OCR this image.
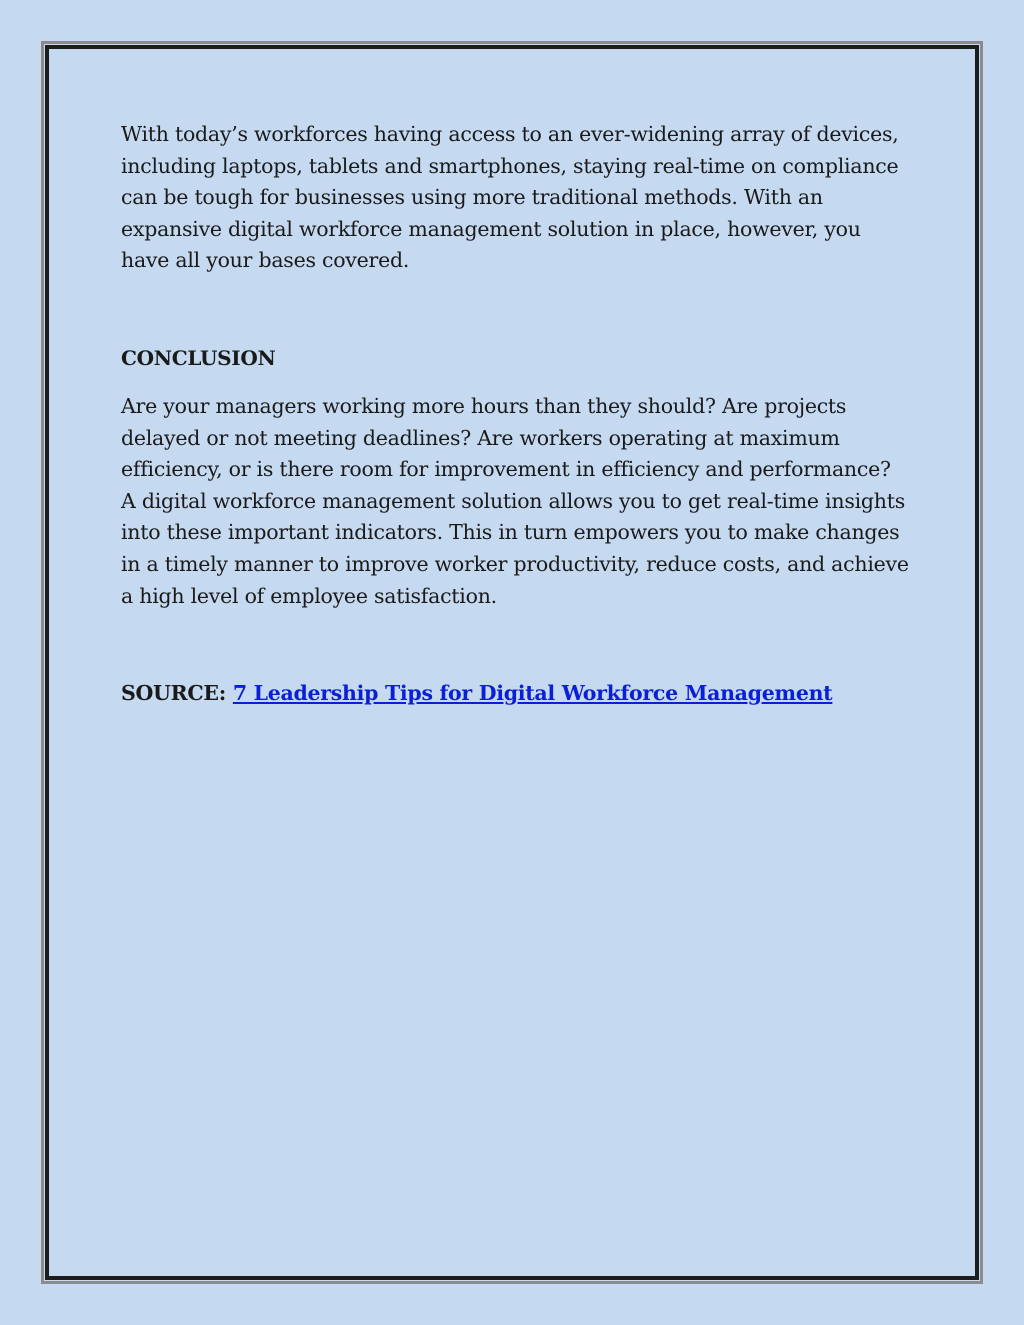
With today’s workforces having access to an ever-widening array of devices, including laptops, tablets and smartphones, staying real-time on compliance can be tough for businesses using more traditional methods. With an expansive digital workforce management solution in place, however, you have all your bases covered.

CONCLUSION

Are your managers working more hours than they should? Are projects delayed or not meeting deadlines? Are workers operating at maximum efficiency, or is there room for improvement in efficiency and performance? A digital workforce management solution allows you to get real-time insights into these important indicators. This in turn empowers you to make changes in a timely manner to improve worker productivity, reduce costs, and achieve a high level of employee satisfaction.

SOURCE: 7 Leadership Tips for Digital Workforce Management
